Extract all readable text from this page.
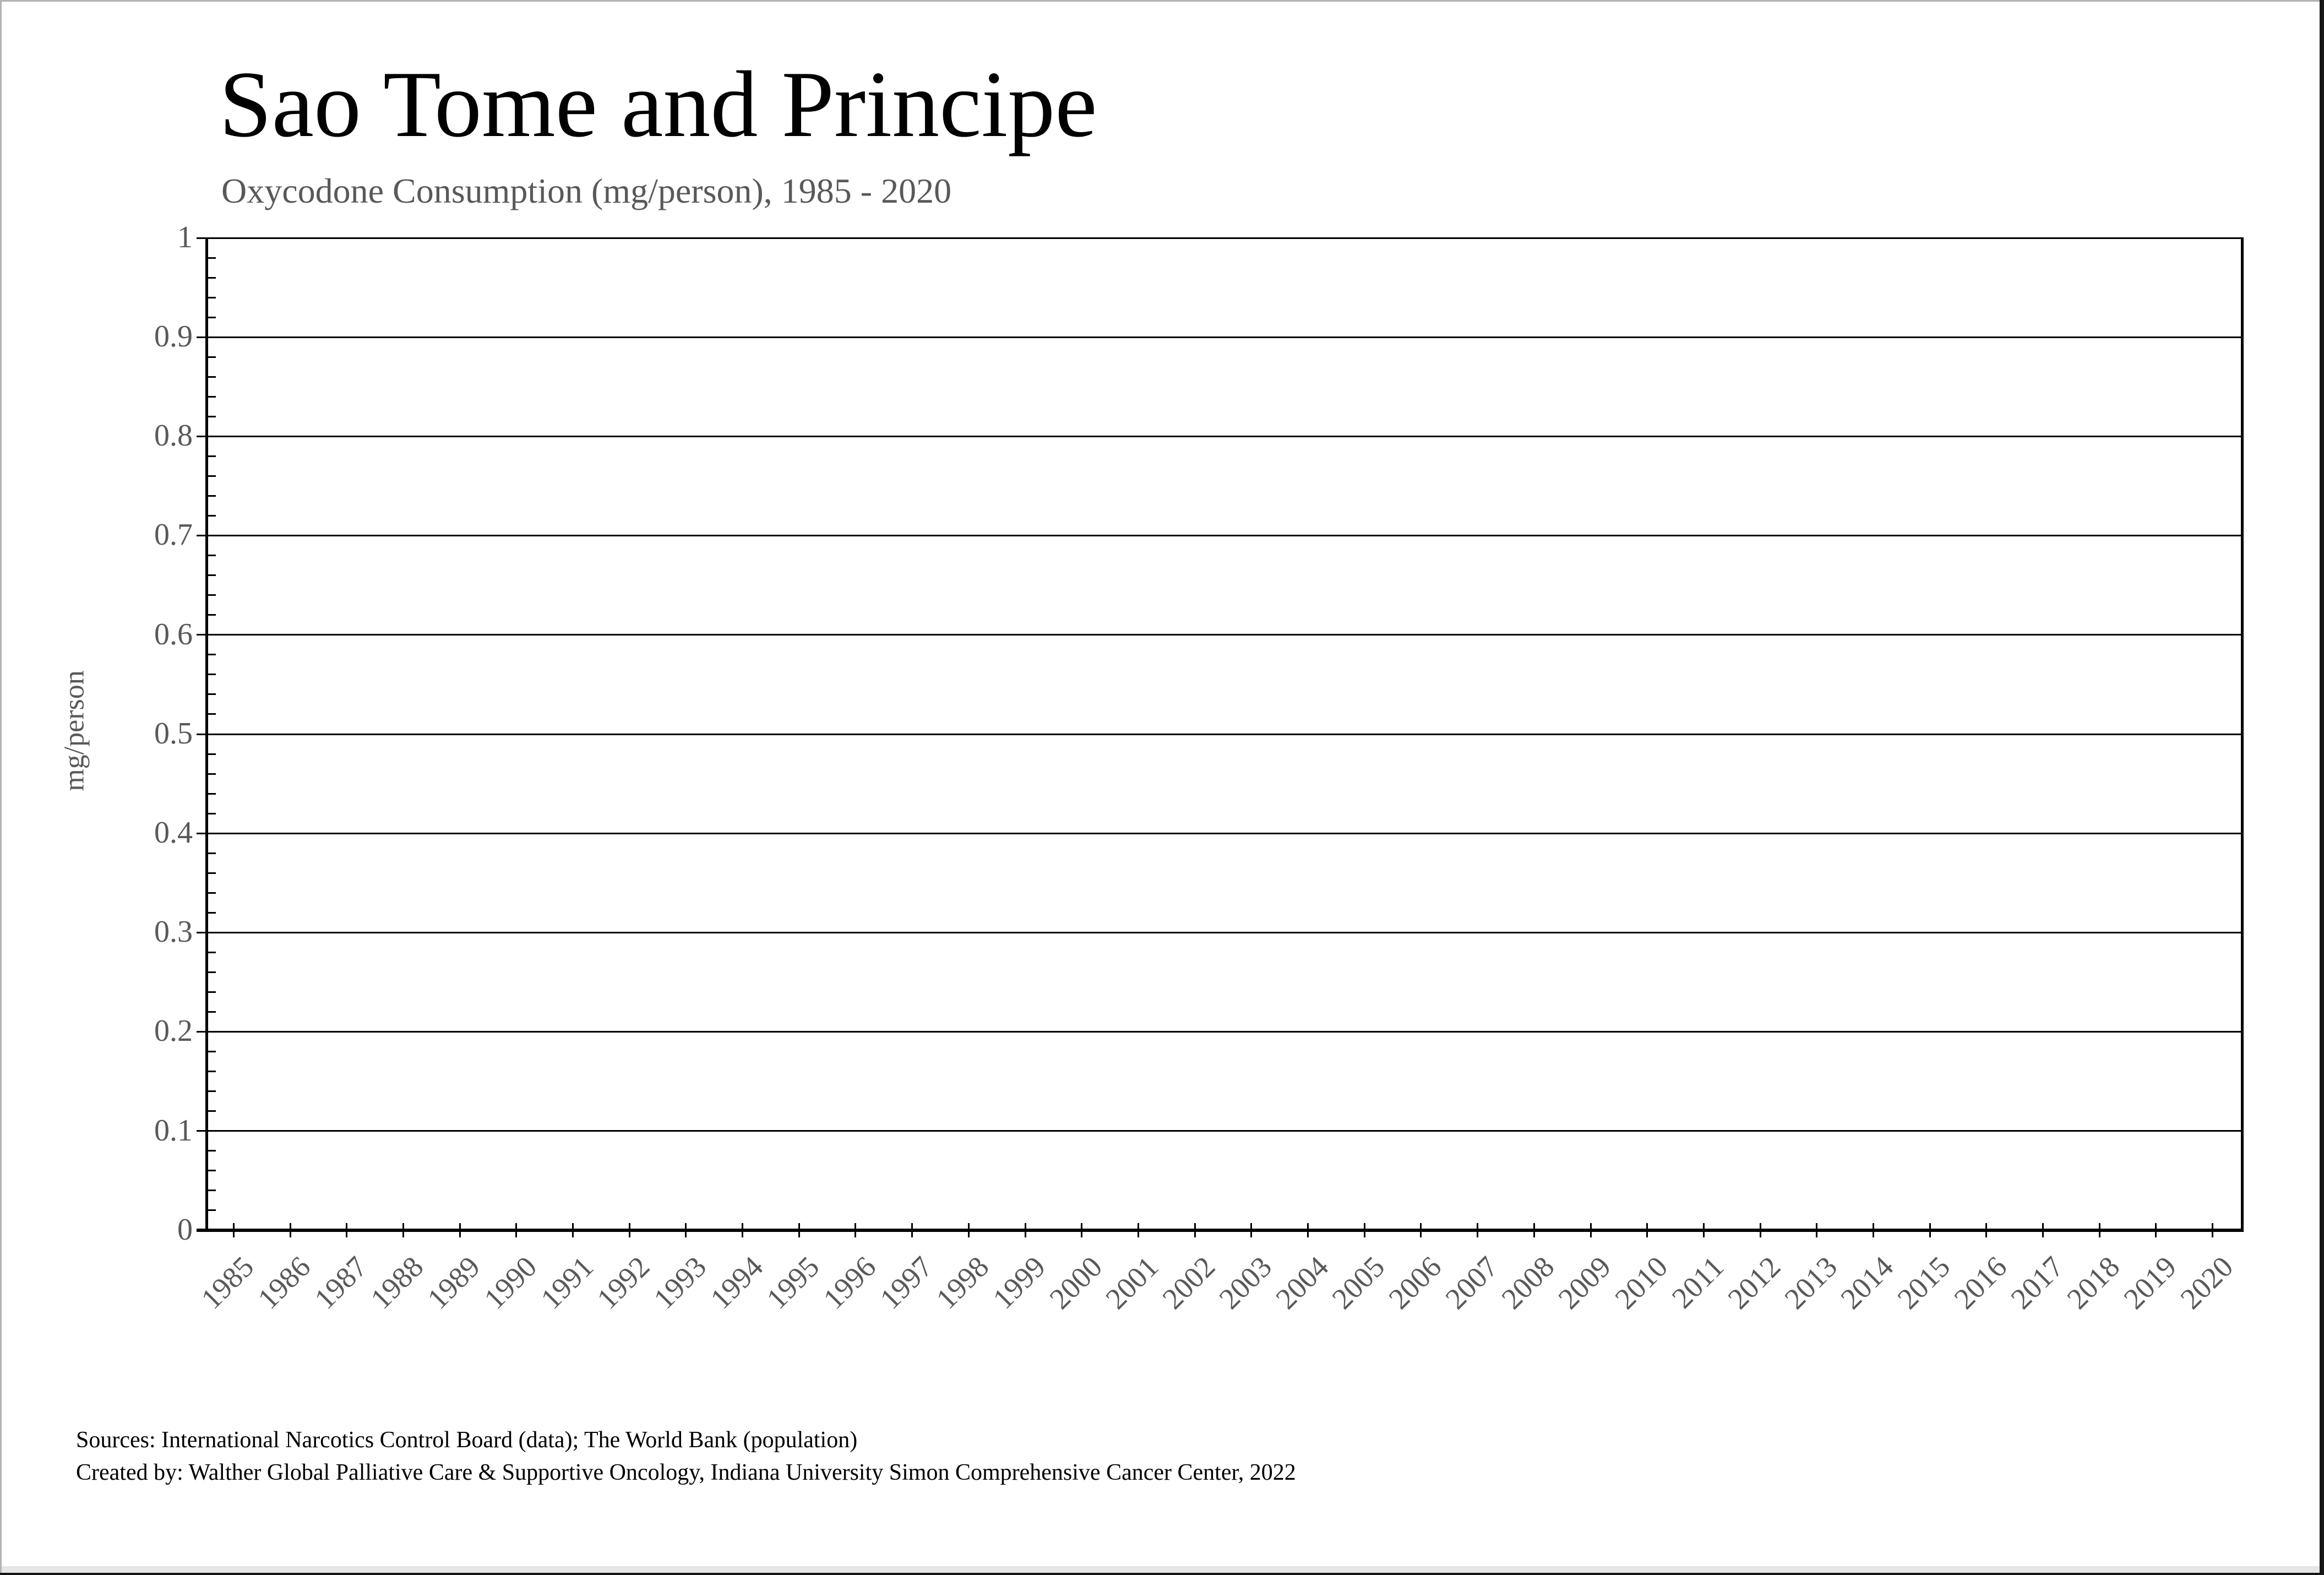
Sao Tome and Principe
Oxycodone Consumption (mg/person), 1985 - 2020
mg/person
1
0.9
0.8
0.7
0.6
0.5
0.4
0.3
0.2
0.1
0
1985
1986
1987
1988
1989
1990
1991
1992
1993
1994
1995
1996
1997
1998
1999
2000
2001
2002
2003
2004
2005
2006
2007
2008
2009
2010
2011
2012
2013
2014
2015
2016
2017
2018
2019
2020
Sources: International Narcotics Control Board (data); The World Bank (population)
Created by: Walther Global Palliative Care & Supportive Oncology, Indiana University Simon Comprehensive Cancer Center, 2022
